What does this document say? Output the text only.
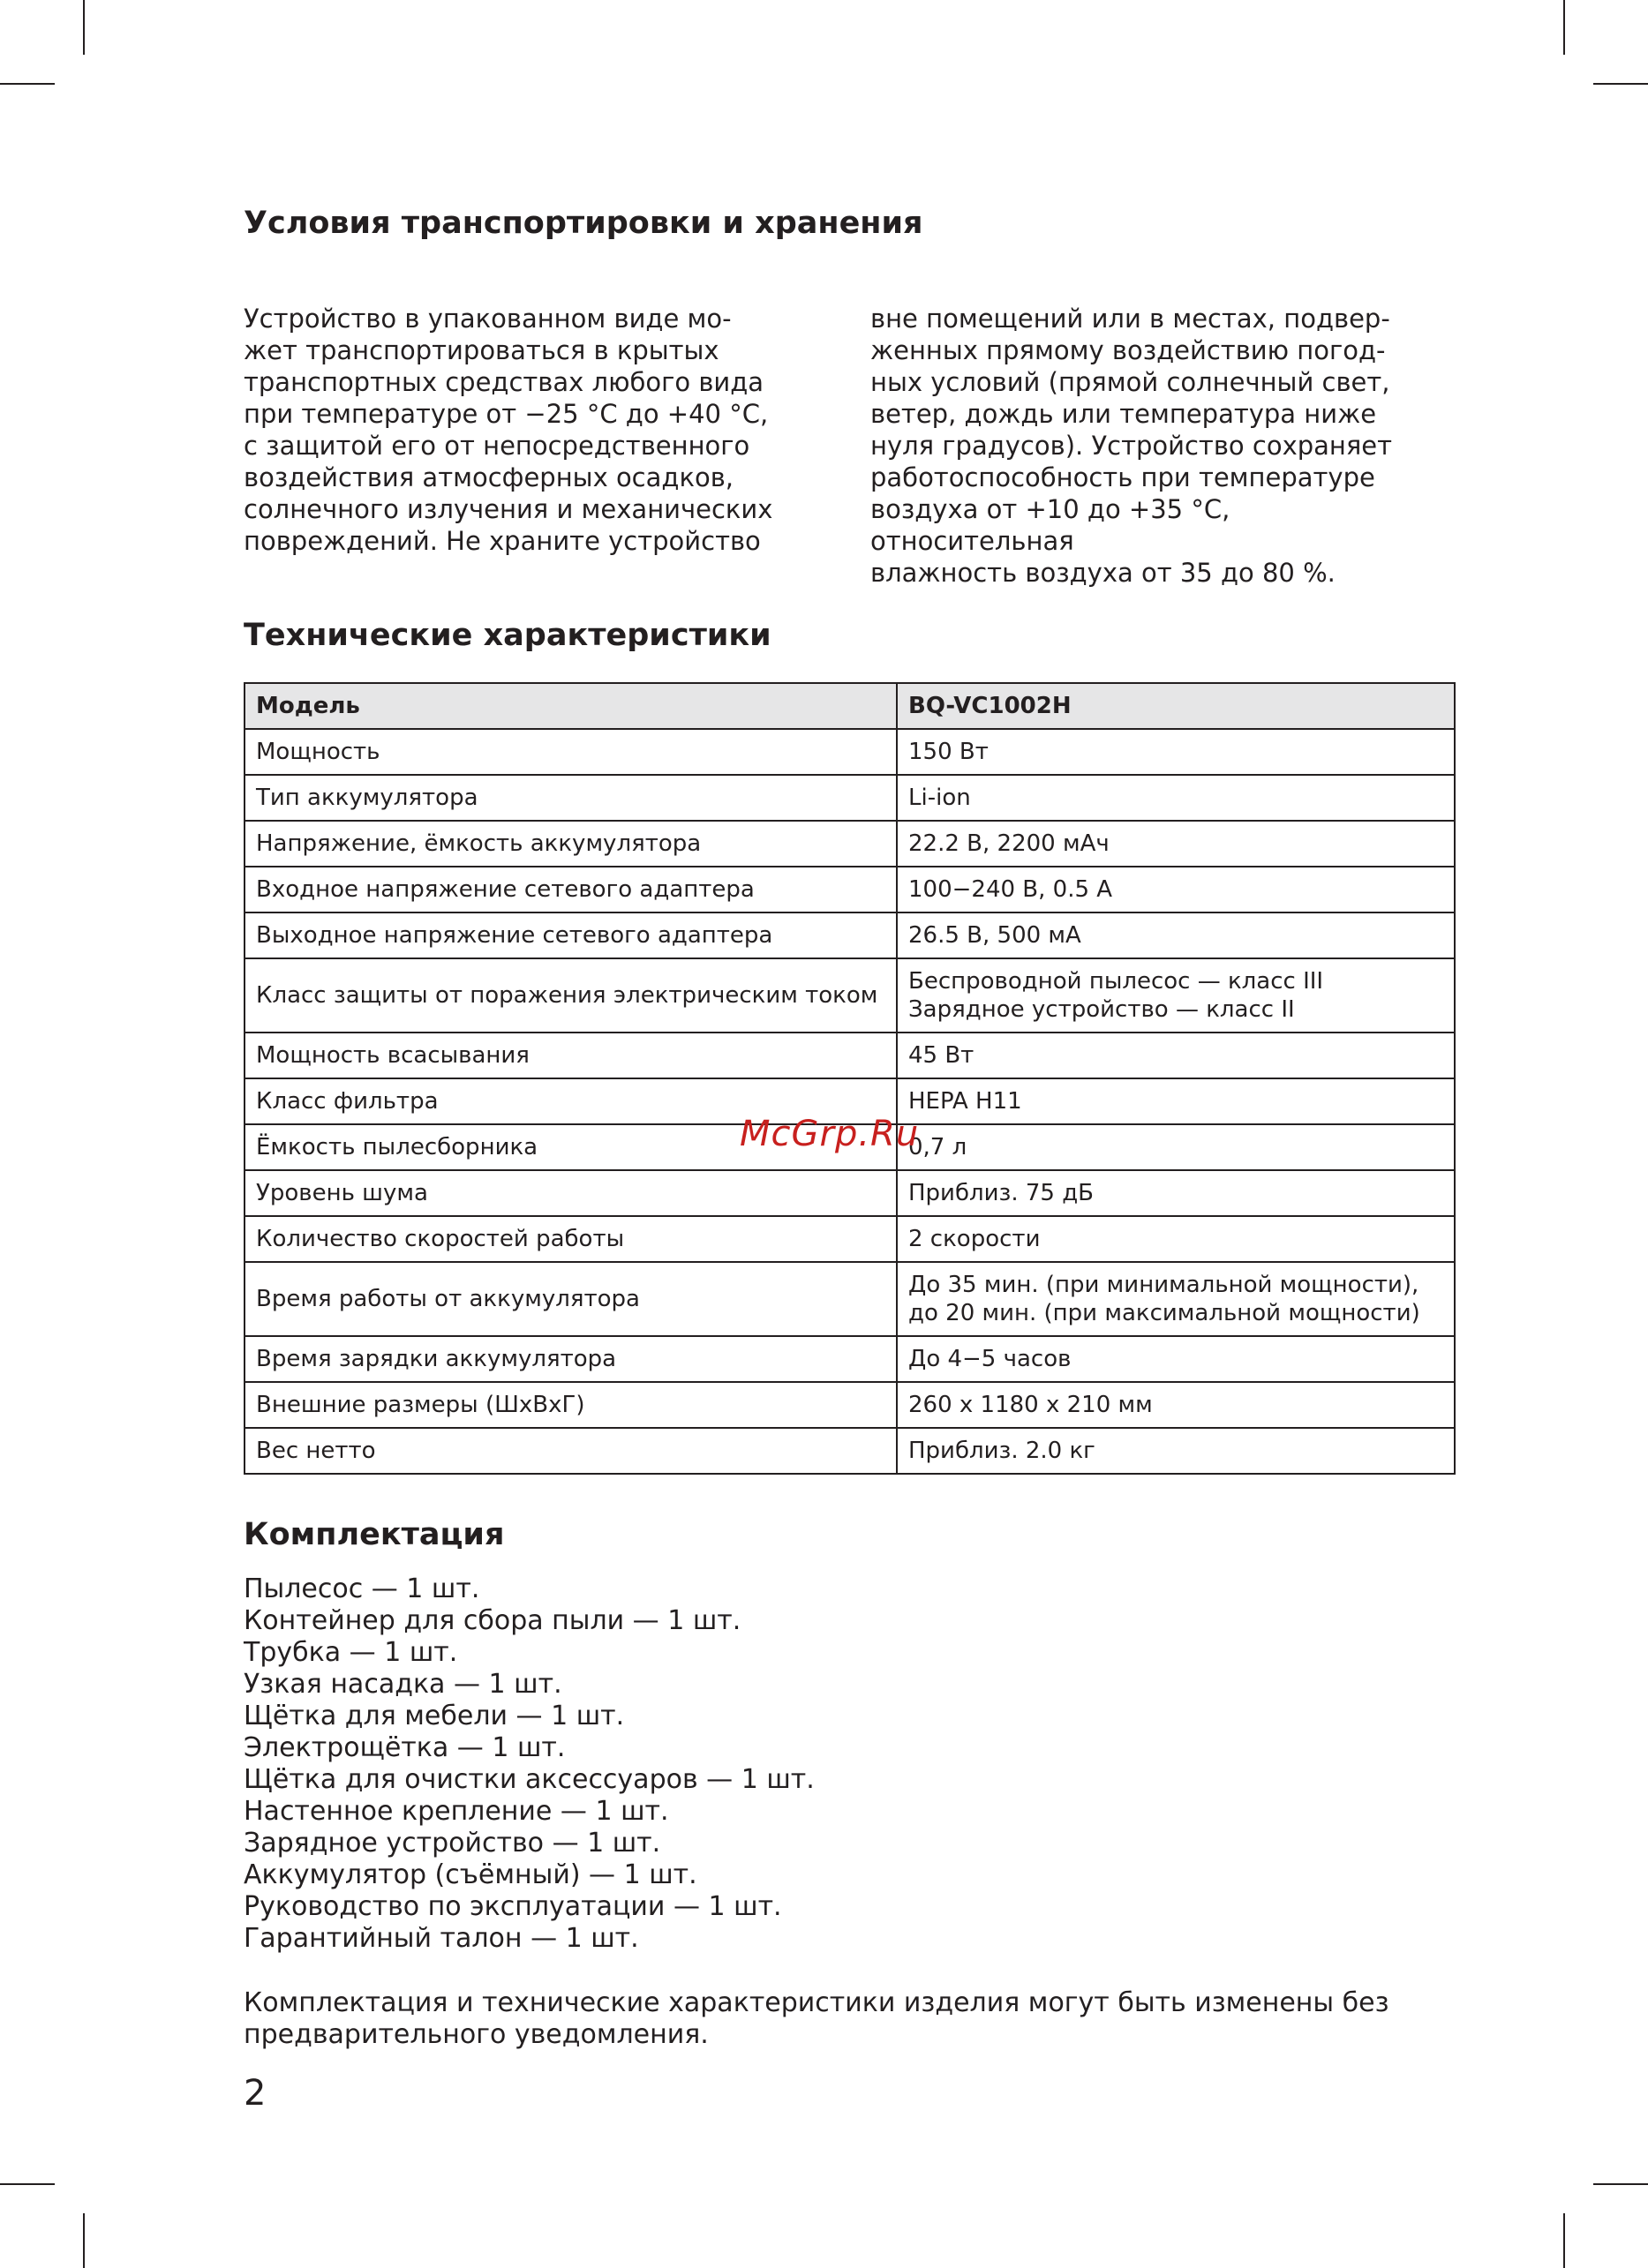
Условия транспортировки и хранения
Устройство в упакованном виде мо-
жет транспортироваться в крытых
транспортных средствах любого вида
при температуре от −25 °С до +40 °С,
с защитой его от непосредственного
воздействия атмосферных осадков,
солнечного излучения и механических
повреждений. Не храните устройство
вне помещений или в местах, подвер-
женных прямому воздействию погод-
ных условий (прямой солнечный свет,
ветер, дождь или температура ниже
нуля градусов). Устройство сохраняет
работоспособность при температуре
воздуха от +10 до +35 °С, относительная
влажность воздуха от 35 до 80 %.
Технические характеристики
Модель	BQ-VC1002H
Мощность	150 Вт
Тип аккумулятора	Li-ion
Напряжение, ёмкость аккумулятора	22.2 В, 2200 мАч
Входное напряжение сетевого адаптера	100−240 В, 0.5 А
Выходное напряжение сетевого адаптера	26.5 В, 500 мА
Класс защиты от поражения электрическим током	Беспроводной пылесос — класс III
Зарядное устройство — класс II
Мощность всасывания	45 Вт
Класс фильтра	HEPA H11
Ёмкость пылесборника	0,7 л
Уровень шума	Приблиз. 75 дБ
Количество скоростей работы	2 скорости
Время работы от аккумулятора	До 35 мин. (при минимальной мощности),
до 20 мин. (при максимальной мощности)
Время зарядки аккумулятора	До 4−5 часов
Внешние размеры (ШхВхГ)	260 х 1180 х 210 мм
Вес нетто	Приблиз. 2.0 кг
McGrp.Ru
Комплектация
Пылесос — 1 шт.
Контейнер для сбора пыли — 1 шт.
Трубка — 1 шт.
Узкая насадка — 1 шт.
Щётка для мебели — 1 шт.
Электрощётка — 1 шт.
Щётка для очистки аксессуаров — 1 шт.
Настенное крепление — 1 шт.
Зарядное устройство — 1 шт.
Аккумулятор (съёмный) — 1 шт.
Руководство по эксплуатации — 1 шт.
Гарантийный талон — 1 шт.
Комплектация и технические характеристики изделия могут быть изменены без
предварительного уведомления.
2
